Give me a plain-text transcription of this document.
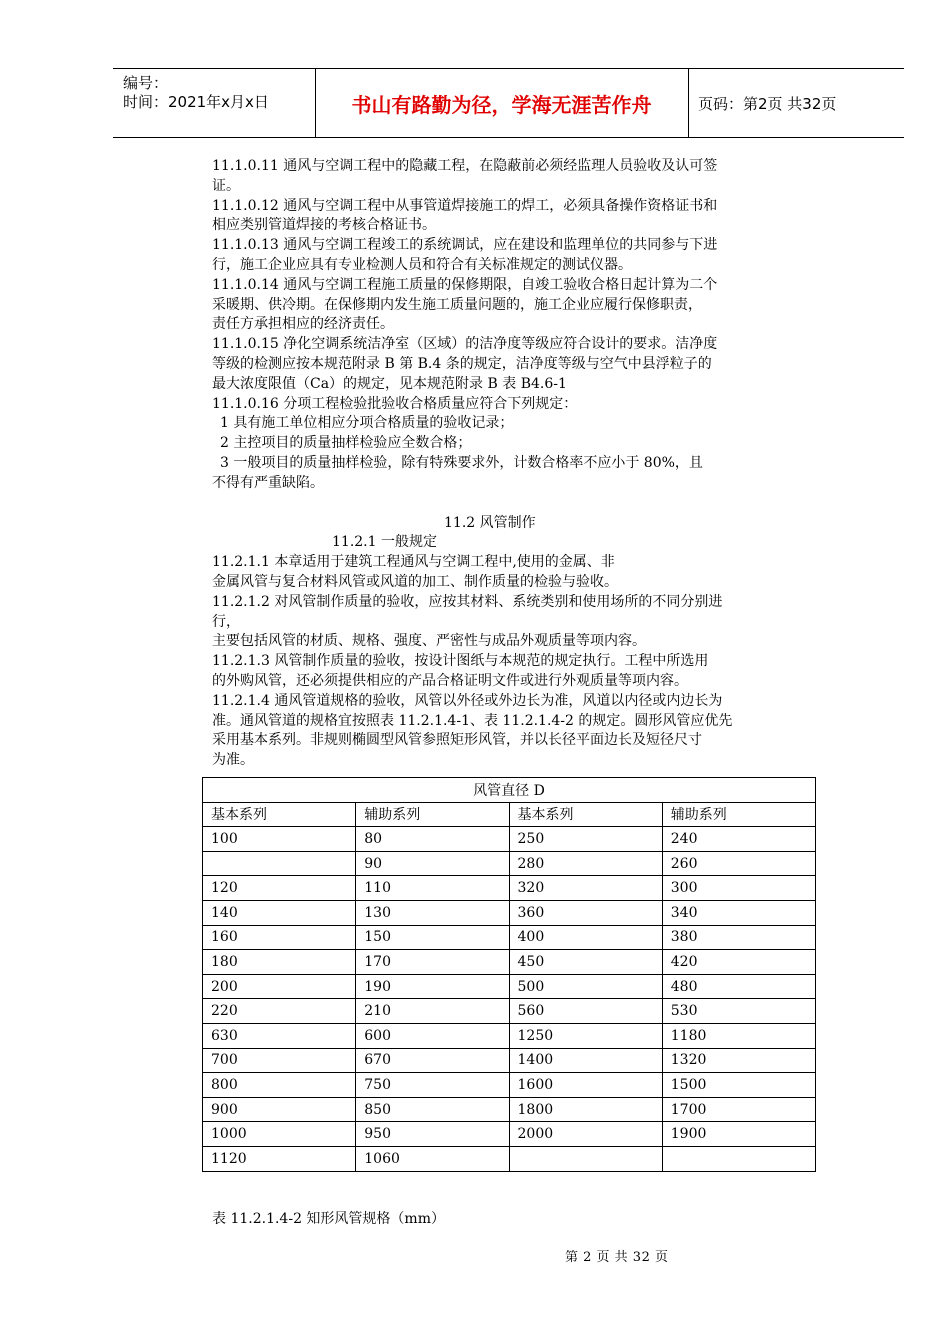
编号：
时间：2021年x月x日	书山有路勤为径，学海无涯苦作舟	页码：第2页 共32页

11.1.0.11 通风与空调工程中的隐藏工程，在隐蔽前必须经监理人员验收及认可签

证。

11.1.0.12 通风与空调工程中从事管道焊接施工的焊工，必须具备操作资格证书和

相应类别管道焊接的考核合格证书。

11.1.0.13 通风与空调工程竣工的系统调试，应在建设和监理单位的共同参与下进

行，施工企业应具有专业检测人员和符合有关标准规定的测试仪器。

11.1.0.14 通风与空调工程施工质量的保修期限，自竣工验收合格日起计算为二个

采暖期、供冷期。在保修期内发生施工质量问题的，施工企业应履行保修职责，

责任方承担相应的经济责任。

11.1.0.15 净化空调系统洁净室（区域）的洁净度等级应符合设计的要求。洁净度

等级的检测应按本规范附录 B 第 B.4 条的规定，洁净度等级与空气中县浮粒子的

最大浓度限值（Ca）的规定，见本规范附录 B 表 B4.6-1

11.1.0.16 分项工程检验批验收合格质量应符合下列规定：

1 具有施工单位相应分项合格质量的验收记录；

2 主控项目的质量抽样检验应全数合格；

3 一般项目的质量抽样检验，除有特殊要求外，计数合格率不应小于 80%，且

不得有严重缺陷。

11.2 风管制作

11.2.1 一般规定

11.2.1.1 本章适用于建筑工程通风与空调工程中,使用的金属、非

金属风管与复合材料风管或风道的加工、制作质量的检验与验收。

11.2.1.2 对风管制作质量的验收，应按其材料、系统类别和使用场所的不同分别进

行，

主要包括风管的材质、规格、强度、严密性与成品外观质量等项内容。

11.2.1.3 风管制作质量的验收，按设计图纸与本规范的规定执行。工程中所选用

的外购风管，还必须提供相应的产品合格证明文件或进行外观质量等项内容。

11.2.1.4 通风管道规格的验收，风管以外径或外边长为准，风道以内径或内边长为

准。通风管道的规格宜按照表 11.2.1.4-1、表 11.2.1.4-2 的规定。圆形风管应优先

采用基本系列。非规则椭圆型风管参照矩形风管，并以长径平面边长及短径尺寸

为准。

风管直径 D			
基本系列	辅助系列	基本系列	辅助系列
100	80	250	240
	90	280	260
120	110	320	300
140	130	360	340
160	150	400	380
180	170	450	420
200	190	500	480
220	210	560	530
630	600	1250	1180
700	670	1400	1320
800	750	1600	1500
900	850	1800	1700
1000	950	2000	1900
1120	1060		
表 11.2.1.4-2 知形风管规格（mm）
第 2 页 共 32 页
